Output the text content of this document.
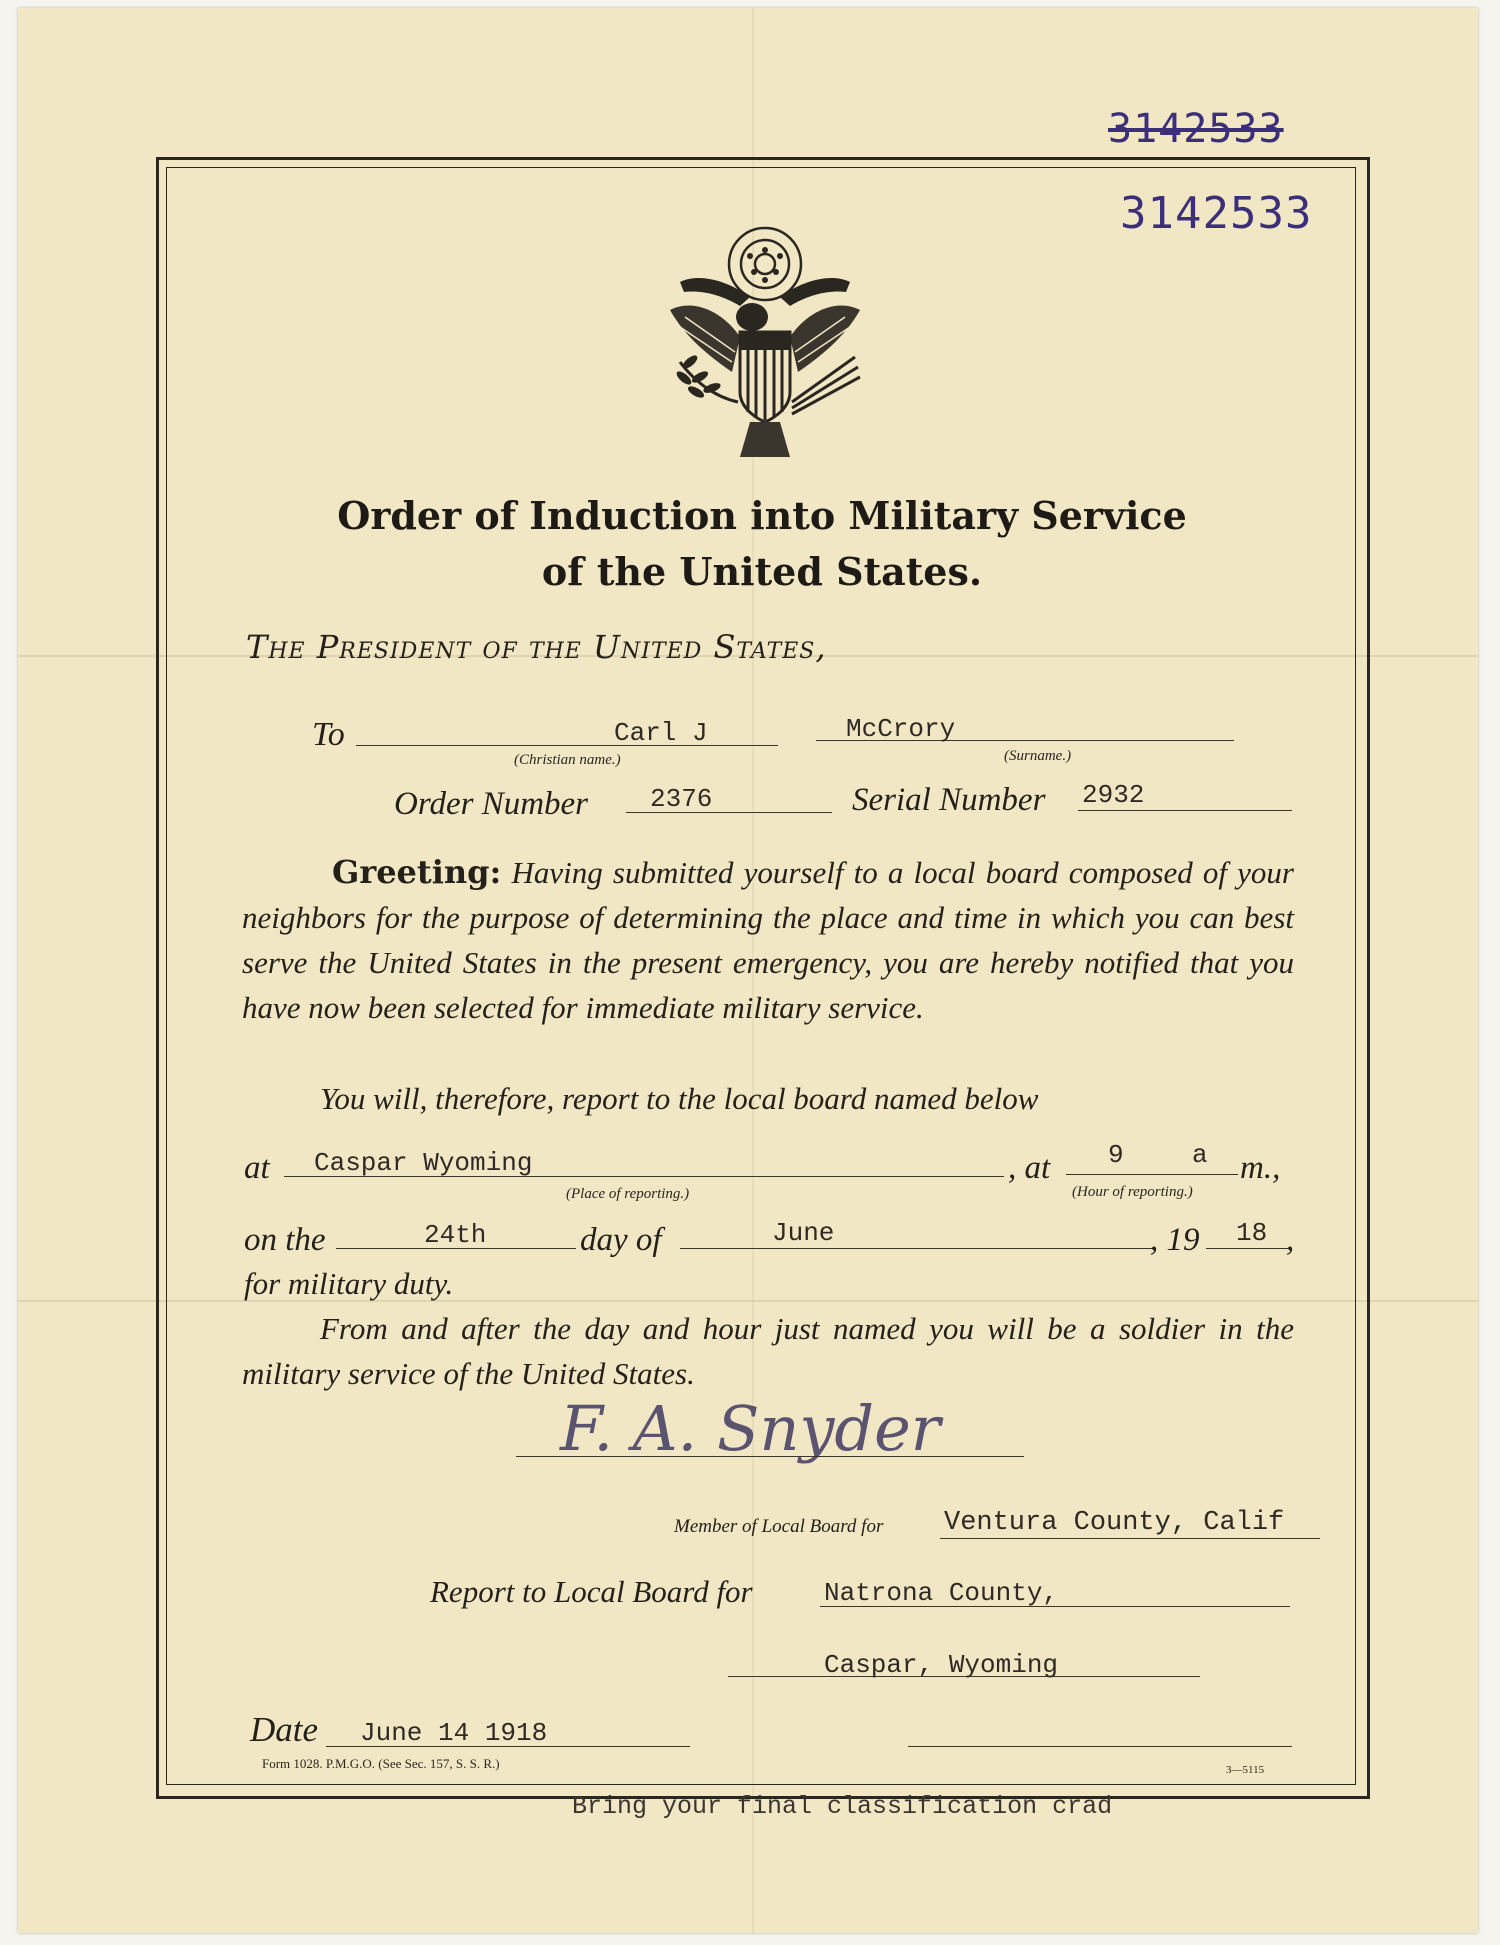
3142533
3142533
Order of Induction into Military Service
of the United States.
The President of the United States,
To	Carl J
(Christian name.)
McCrory
(Surname.)
Order Number 2376	Serial Number 2932
Greeting: Having submitted yourself to a local board composed of your neighbors for the purpose of determining the place and time in which you can best serve the United States in the present emergency, you are hereby notified that you have now been selected for immediate military service.
You will, therefore, report to the local board named below
at Caspar Wyoming
(Place of reporting.)
, at 9	a m.,
(Hour of reporting.)
on the	24th	day of	June	, 19 18 ,
for military duty.
From and after the day and hour just named you will be a soldier in the military service of the United States.
F. A. Snyder
Member of Local Board for Ventura County, Calif
Report to Local Board for	Natrona County,
Caspar, Wyoming
Date June 14 1918
Form 1028. P.M.G.O. (See Sec. 157, S. S. R.)	3—5115
Bring your final classification crad
